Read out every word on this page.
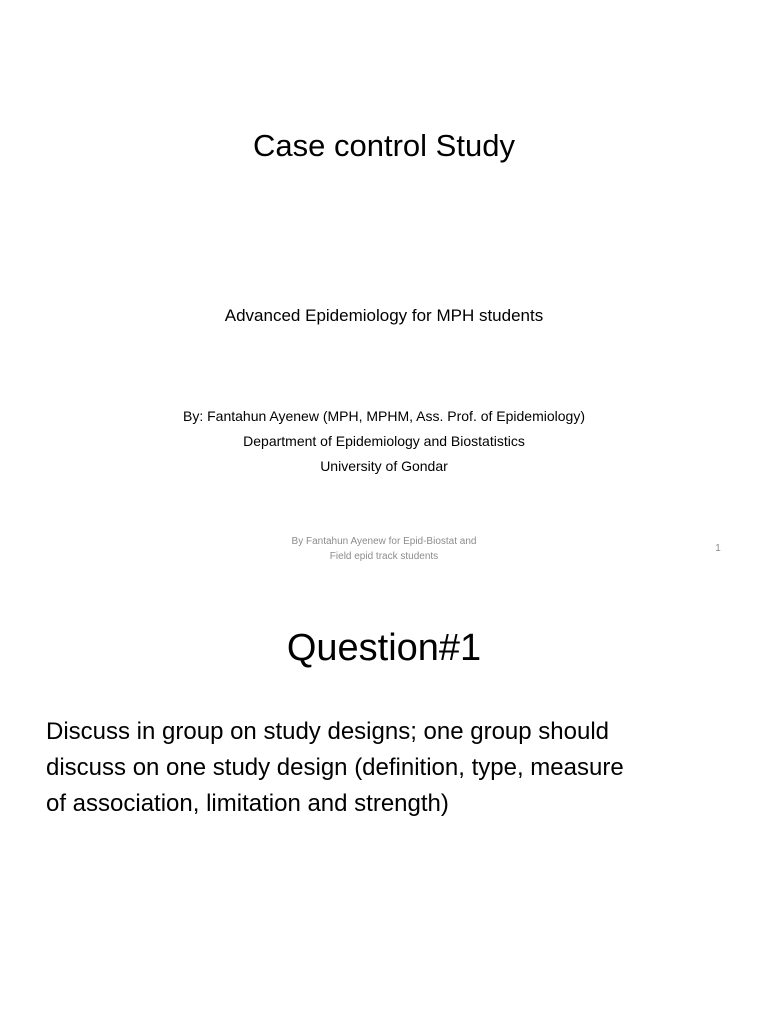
Case control Study
Advanced Epidemiology for MPH students
By: Fantahun Ayenew (MPH, MPHM, Ass. Prof. of Epidemiology)
Department of Epidemiology and Biostatistics
University of Gondar
By Fantahun Ayenew for Epid-Biostat and
Field epid track students
1
Question#1
Discuss in group on study designs; one group should
discuss on one study design (definition, type, measure
of association, limitation and strength)
